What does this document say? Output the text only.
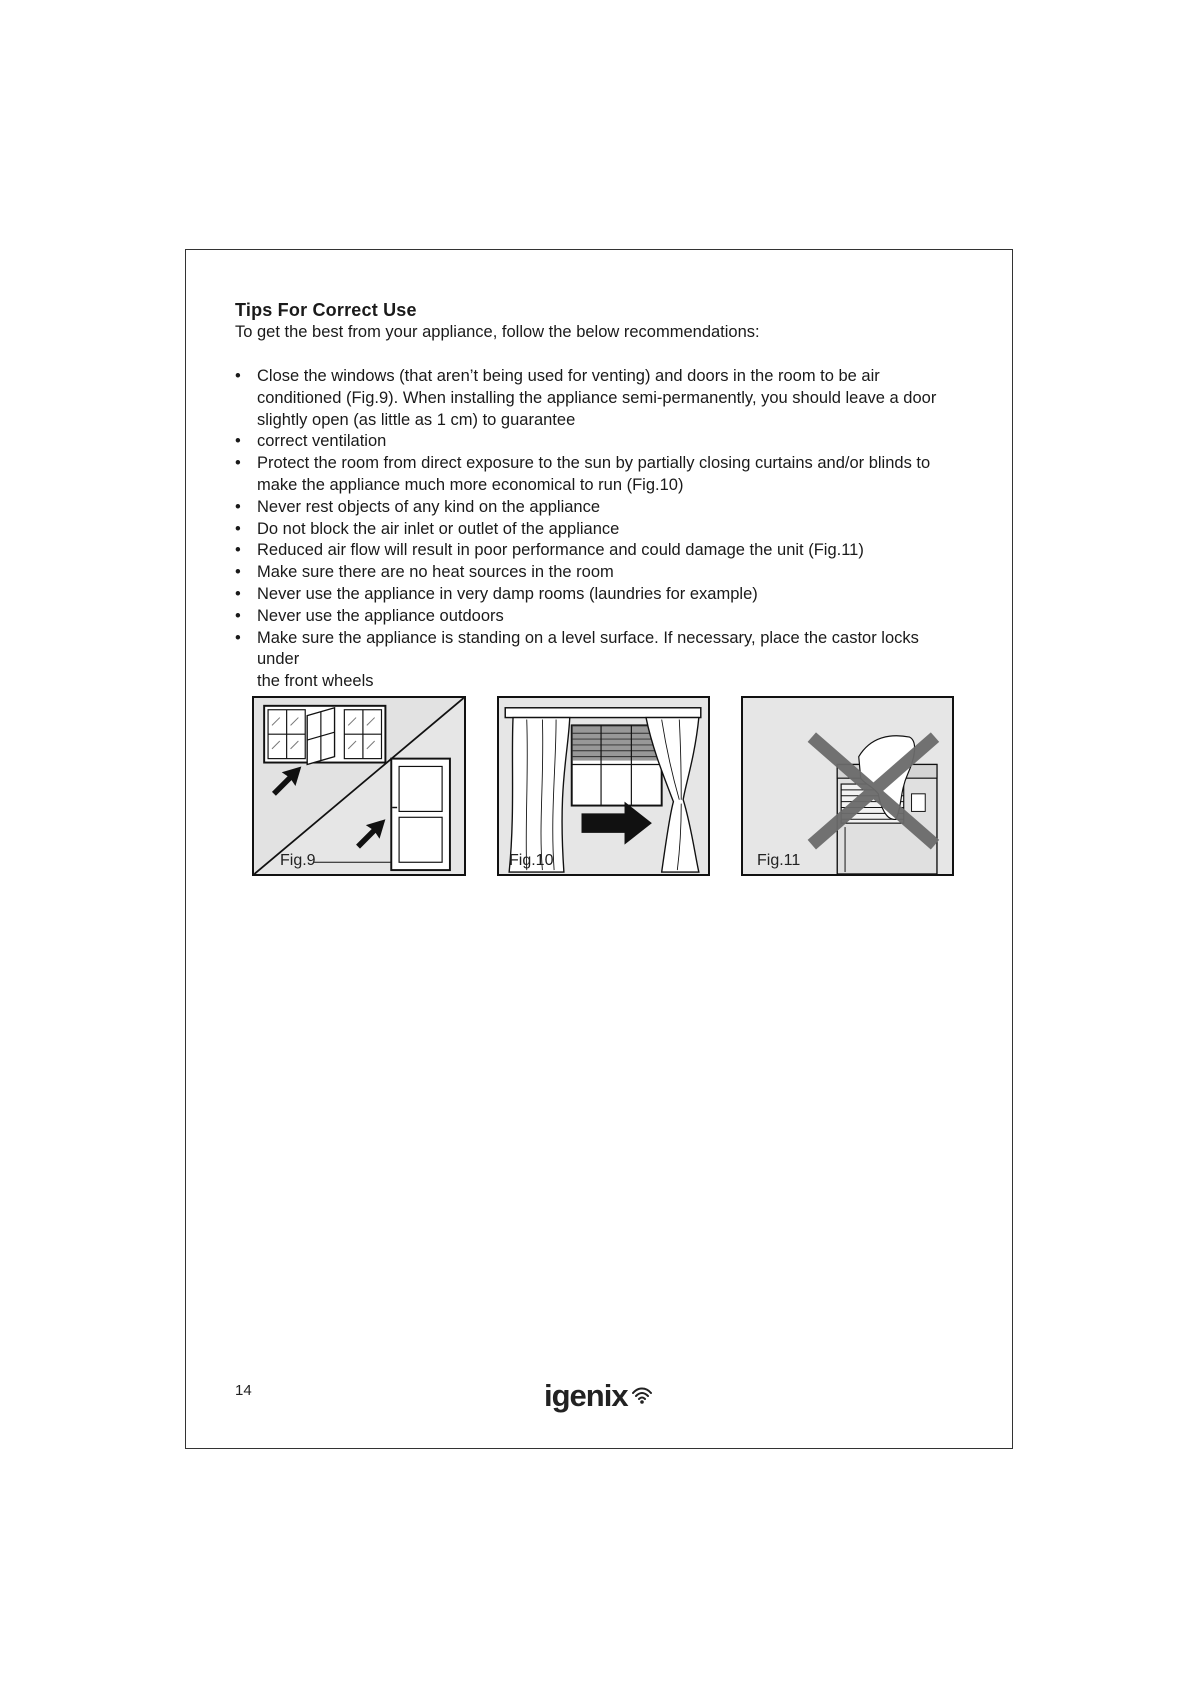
Tips For Correct Use
To get the best from your appliance, follow the below recommendations:
• Close the windows (that aren’t being used for venting) and doors in the room to be air
conditioned (Fig.9). When installing the appliance semi-permanently, you should leave a door
slightly open (as little as 1 cm) to guarantee
• correct ventilation
• Protect the room from direct exposure to the sun by partially closing curtains and/or blinds to
make the appliance much more economical to run (Fig.10)
• Never rest objects of any kind on the appliance
• Do not block the air inlet or outlet of the appliance
• Reduced air flow will result in poor performance and could damage the unit (Fig.11)
• Make sure there are no heat sources in the room
• Never use the appliance in very damp rooms (laundries for example)
• Never use the appliance outdoors
• Make sure the appliance is standing on a level surface. If necessary, place the castor locks under
the front wheels
Fig.9	Fig.10	Fig.11
14	igenix
